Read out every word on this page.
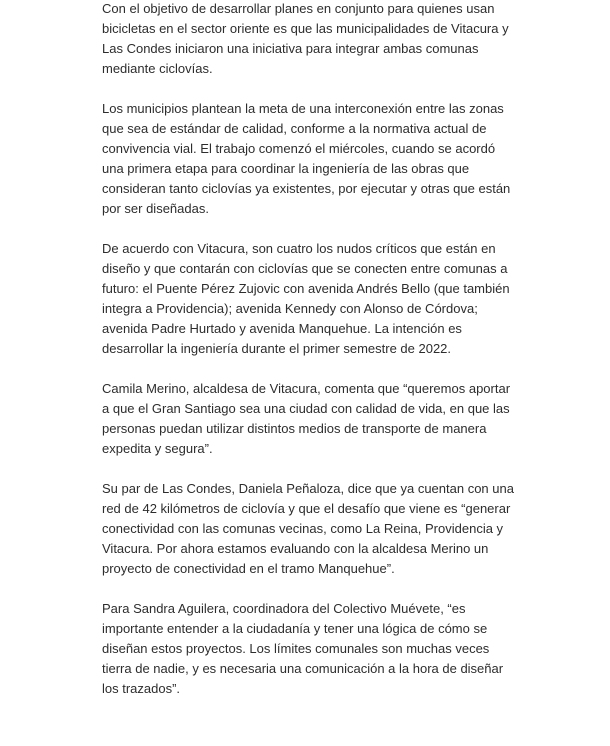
Con el objetivo de desarrollar planes en conjunto para quienes usan bicicletas en el sector oriente es que las municipalidades de Vitacura y Las Condes iniciaron una iniciativa para integrar ambas comunas mediante ciclovías.

Los municipios plantean la meta de una interconexión entre las zonas que sea de estándar de calidad, conforme a la normativa actual de convivencia vial. El trabajo comenzó el miércoles, cuando se acordó una primera etapa para coordinar la ingeniería de las obras que consideran tanto ciclovías ya existentes, por ejecutar y otras que están por ser diseñadas.

De acuerdo con Vitacura, son cuatro los nudos críticos que están en diseño y que contarán con ciclovías que se conecten entre comunas a futuro: el Puente Pérez Zujovic con avenida Andrés Bello (que también integra a Providencia); avenida Kennedy con Alonso de Córdova; avenida Padre Hurtado y avenida Manquehue. La intención es desarrollar la ingeniería durante el primer semestre de 2022.

Camila Merino, alcaldesa de Vitacura, comenta que “queremos aportar a que el Gran Santiago sea una ciudad con calidad de vida, en que las personas puedan utilizar distintos medios de transporte de manera expedita y segura”.

Su par de Las Condes, Daniela Peñaloza, dice que ya cuentan con una red de 42 kilómetros de ciclovía y que el desafío que viene es “generar conectividad con las comunas vecinas, como La Reina, Providencia y Vitacura. Por ahora estamos evaluando con la alcaldesa Merino un proyecto de conectividad en el tramo Manquehue”.

Para Sandra Aguilera, coordinadora del Colectivo Muévete, “es importante entender a la ciudadanía y tener una lógica de cómo se diseñan estos proyectos. Los límites comunales son muchas veces tierra de nadie, y es necesaria una comunicación a la hora de diseñar los trazados”.
